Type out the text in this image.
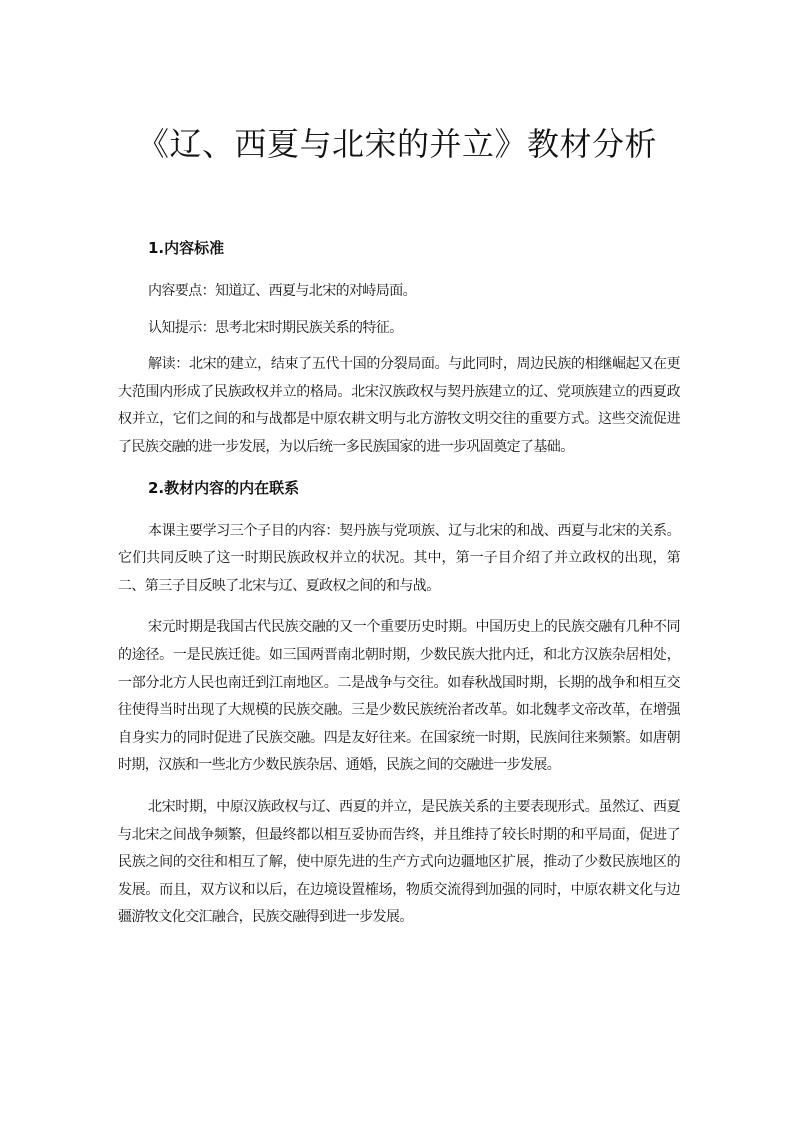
《辽、西夏与北宋的并立》教材分析
1.内容标准

内容要点：知道辽、西夏与北宋的对峙局面。

认知提示：思考北宋时期民族关系的特征。

解读：北宋的建立，结束了五代十国的分裂局面。与此同时，周边民族的相继崛起又在更大范围内形成了民族政权并立的格局。北宋汉族政权与契丹族建立的辽、党项族建立的西夏政权并立，它们之间的和与战都是中原农耕文明与北方游牧文明交往的重要方式。这些交流促进了民族交融的进一步发展，为以后统一多民族国家的进一步巩固奠定了基础。

2.教材内容的内在联系

本课主要学习三个子目的内容：契丹族与党项族、辽与北宋的和战、西夏与北宋的关系。它们共同反映了这一时期民族政权并立的状况。其中，第一子目介绍了并立政权的出现，第二、第三子目反映了北宋与辽、夏政权之间的和与战。

宋元时期是我国古代民族交融的又一个重要历史时期。中国历史上的民族交融有几种不同的途径。一是民族迁徙。如三国两晋南北朝时期，少数民族大批内迁，和北方汉族杂居相处，一部分北方人民也南迁到江南地区。二是战争与交往。如春秋战国时期，长期的战争和相互交往使得当时出现了大规模的民族交融。三是少数民族统治者改革。如北魏孝文帝改革，在增强自身实力的同时促进了民族交融。四是友好往来。在国家统一时期，民族间往来频繁。如唐朝时期，汉族和一些北方少数民族杂居、通婚，民族之间的交融进一步发展。

北宋时期，中原汉族政权与辽、西夏的并立，是民族关系的主要表现形式。虽然辽、西夏与北宋之间战争频繁，但最终都以相互妥协而告终，并且维持了较长时期的和平局面，促进了民族之间的交往和相互了解，使中原先进的生产方式向边疆地区扩展，推动了少数民族地区的发展。而且，双方议和以后，在边境设置榷场，物质交流得到加强的同时，中原农耕文化与边疆游牧文化交汇融合，民族交融得到进一步发展。
